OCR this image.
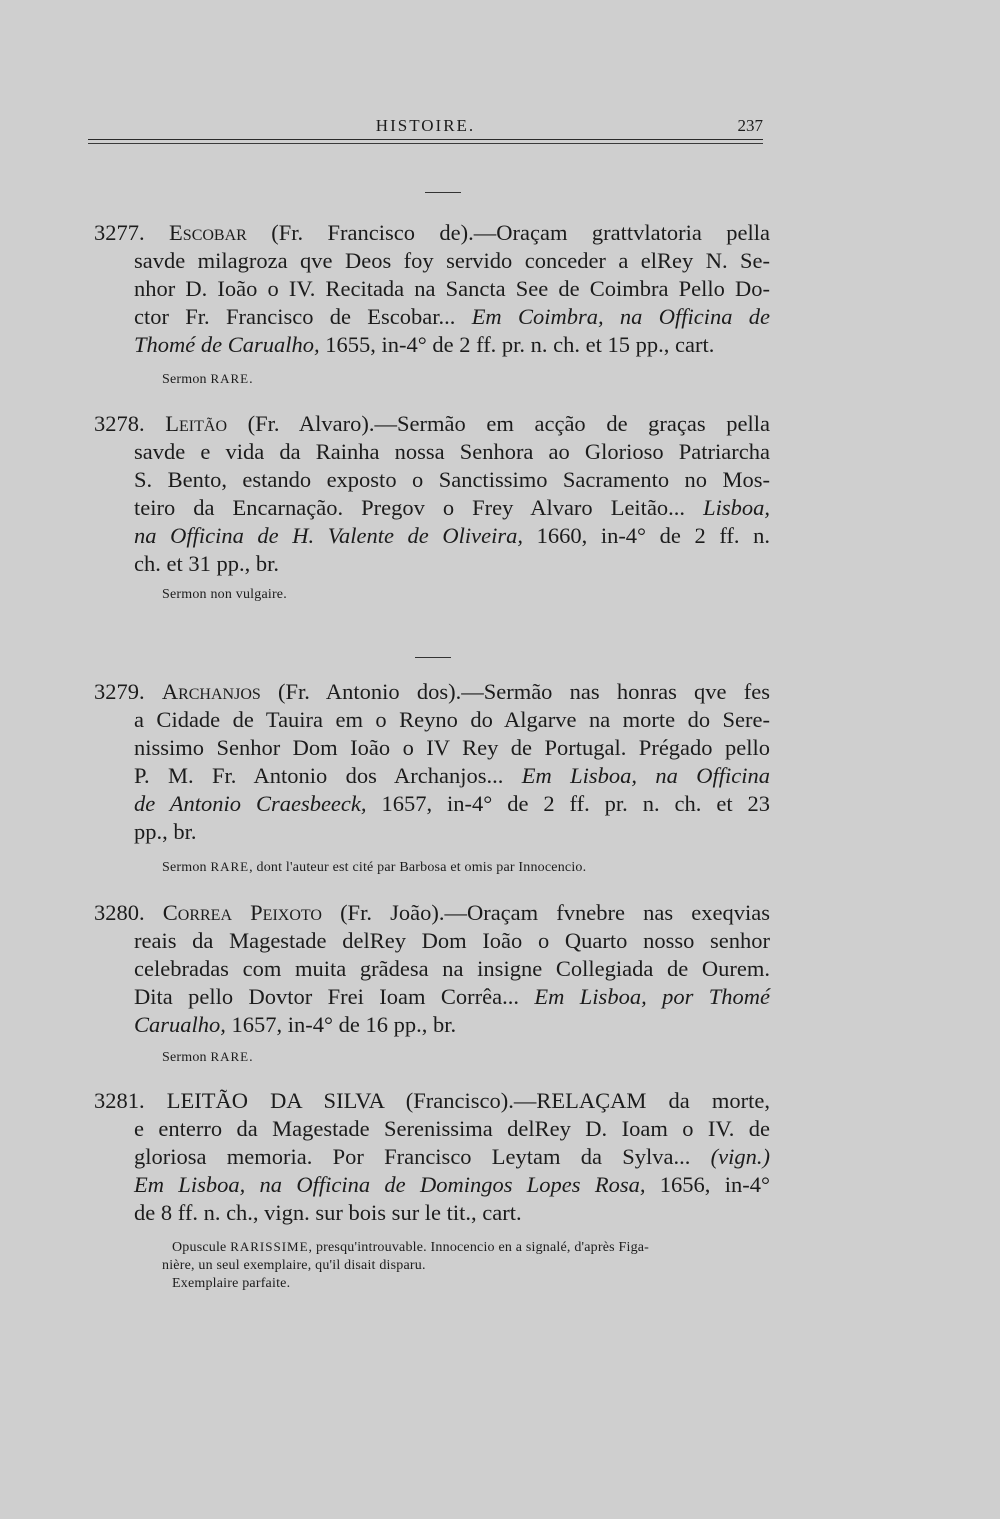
HISTOIRE.	237
3277. Escobar (Fr. Francisco de).—Oraçam grattvlatoria pella
savde milagroza qve Deos foy servido conceder a elRey N. Se-
nhor D. Ioão o IV. Recitada na Sancta See de Coimbra Pello Do-
ctor Fr. Francisco de Escobar... Em Coimbra, na Officina de
Thomé de Carualho, 1655, in-4° de 2 ff. pr. n. ch. et 15 pp., cart.
Sermon RARE.
3278. Leitão (Fr. Alvaro).—Sermão em acção de graças pella
savde e vida da Rainha nossa Senhora ao Glorioso Patriarcha
S. Bento, estando exposto o Sanctissimo Sacramento no Mos-
teiro da Encarnação. Pregov o Frey Alvaro Leitão... Lisboa,
na Officina de H. Valente de Oliveira, 1660, in-4° de 2 ff. n.
ch. et 31 pp., br.
Sermon non vulgaire.
3279. Archanjos (Fr. Antonio dos).—Sermão nas honras qve fes
a Cidade de Tauira em o Reyno do Algarve na morte do Sere-
nissimo Senhor Dom Ioão o IV Rey de Portugal. Prégado pello
P. M. Fr. Antonio dos Archanjos... Em Lisboa, na Officina
de Antonio Craesbeeck, 1657, in-4° de 2 ff. pr. n. ch. et 23
pp., br.
Sermon RARE, dont l'auteur est cité par Barbosa et omis par Innocencio.
3280. Correa Peixoto (Fr. João).—Oraçam fvnebre nas exeqvias
reais da Magestade delRey Dom Ioão o Quarto nosso senhor
celebradas com muita grãdesa na insigne Collegiada de Ourem.
Dita pello Dovtor Frei Ioam Corrêa... Em Lisboa, por Thomé
Carualho, 1657, in-4° de 16 pp., br.
Sermon RARE.
3281. LEITÃO DA SILVA (Francisco).—RELAÇAM da morte,
e enterro da Magestade Serenissima delRey D. Ioam o IV. de
gloriosa memoria. Por Francisco Leytam da Sylva... (vign.)
Em Lisboa, na Officina de Domingos Lopes Rosa, 1656, in-4°
de 8 ff. n. ch., vign. sur bois sur le tit., cart.
Opuscule RARISSIME, presqu'introuvable. Innocencio en a signalé, d'après Figa-
nière, un seul exemplaire, qu'il disait disparu.
Exemplaire parfaite.
